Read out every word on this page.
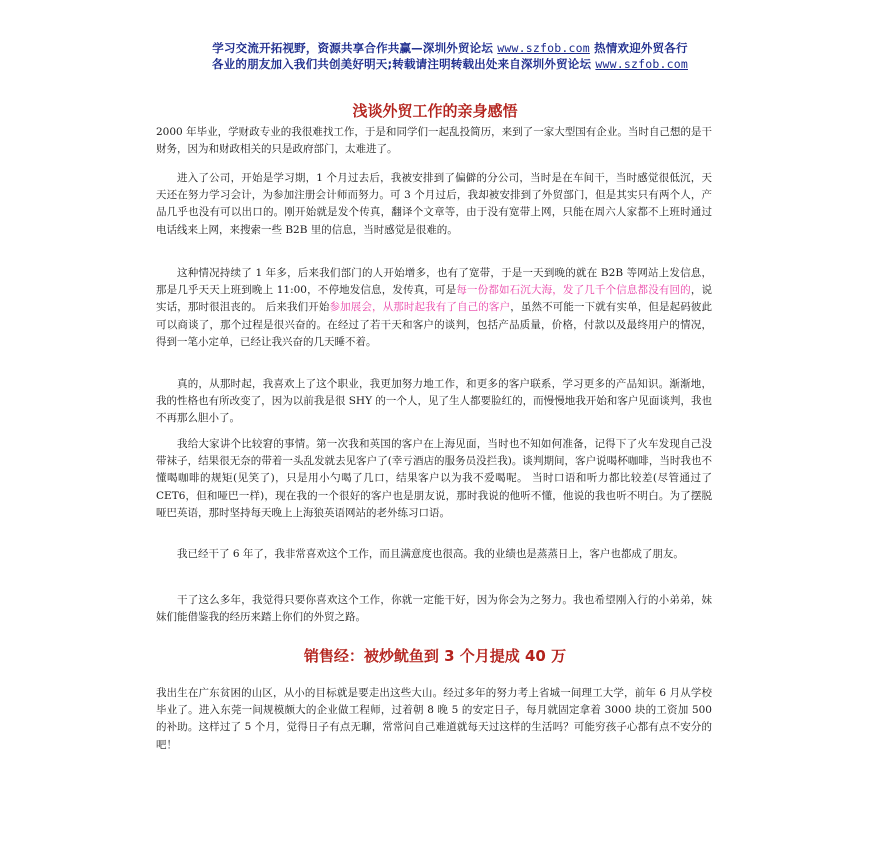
学习交流开拓视野，资源共享合作共赢—深圳外贸论坛 www.szfob.com 热情欢迎外贸各行
各业的朋友加入我们共创美好明天;转载请注明转载出处来自深圳外贸论坛 www.szfob.com
浅谈外贸工作的亲身感悟
2000 年毕业，学财政专业的我很难找工作，于是和同学们一起乱投简历，来到了一家大型国有企业。当时自己想的是干财务，因为和财政相关的只是政府部门，太难进了。
进入了公司，开始是学习期，1 个月过去后，我被安排到了偏僻的分公司，当时是在车间干，当时感觉很低沉，天天还在努力学习会计，为参加注册会计师而努力。可 3 个月过后，我却被安排到了外贸部门，但是其实只有两个人，产品几乎也没有可以出口的。刚开始就是发个传真，翻译个文章等，由于没有宽带上网，只能在周六人家都不上班时通过电话线来上网，来搜索一些 B2B 里的信息，当时感觉是很难的。
这种情况持续了 1 年多，后来我们部门的人开始增多，也有了宽带，于是一天到晚的就在 B2B 等网站上发信息， 那是几乎天天上班到晚上 11:00，不停地发信息，发传真，可是每一份都如石沉大海，发了几千个信息都没有回的，说实话，那时很沮丧的。 后来我们开始参加展会，从那时起我有了自己的客户，虽然不可能一下就有实单，但是起码彼此可以商谈了，那个过程是很兴奋的。在经过了若干天和客户的谈判，包括产品质量，价格，付款以及最终用户的情况，得到一笔小定单，已经让我兴奋的几天睡不着。
真的，从那时起，我喜欢上了这个职业，我更加努力地工作，和更多的客户联系，学习更多的产品知识。渐渐地，我的性格也有所改变了，因为以前我是很 SHY 的一个人，见了生人都要脸红的，而慢慢地我开始和客户见面谈判，我也不再那么胆小了。
我给大家讲个比较窘的事情。第一次我和英国的客户在上海见面，当时也不知如何准备，记得下了火车发现自己没带袜子，结果很无奈的带着一头乱发就去见客户了(幸亏酒店的服务员没拦我)。谈判期间，客户说喝杯咖啡，当时我也不懂喝咖啡的规矩(见笑了)，只是用小勺喝了几口，结果客户以为我不爱喝呢。 当时口语和听力都比较差(尽管通过了 CET6，但和哑巴一样)，现在我的一个很好的客户也是朋友说，那时我说的他听不懂，他说的我也听不明白。为了摆脱哑巴英语，那时坚持每天晚上上海狼英语网站的老外练习口语。
我已经干了 6 年了，我非常喜欢这个工作，而且满意度也很高。我的业绩也是蒸蒸日上，客户也都成了朋友。
干了这么多年，我觉得只要你喜欢这个工作，你就一定能干好，因为你会为之努力。我也希望刚入行的小弟弟，妹妹们能借鉴我的经历来踏上你们的外贸之路。
销售经：被炒鱿鱼到 3 个月提成 40 万
我出生在广东贫困的山区，从小的目标就是要走出这些大山。经过多年的努力考上省城一间理工大学，前年 6 月从学校毕业了。进入东莞一间规模颇大的企业做工程师，过着朝 8 晚 5 的安定日子，每月就固定拿着 3000 块的工资加 500 的补助。这样过了 5 个月，觉得日子有点无聊，常常问自己难道就每天过这样的生活吗？可能穷孩子心都有点不安分的吧！
